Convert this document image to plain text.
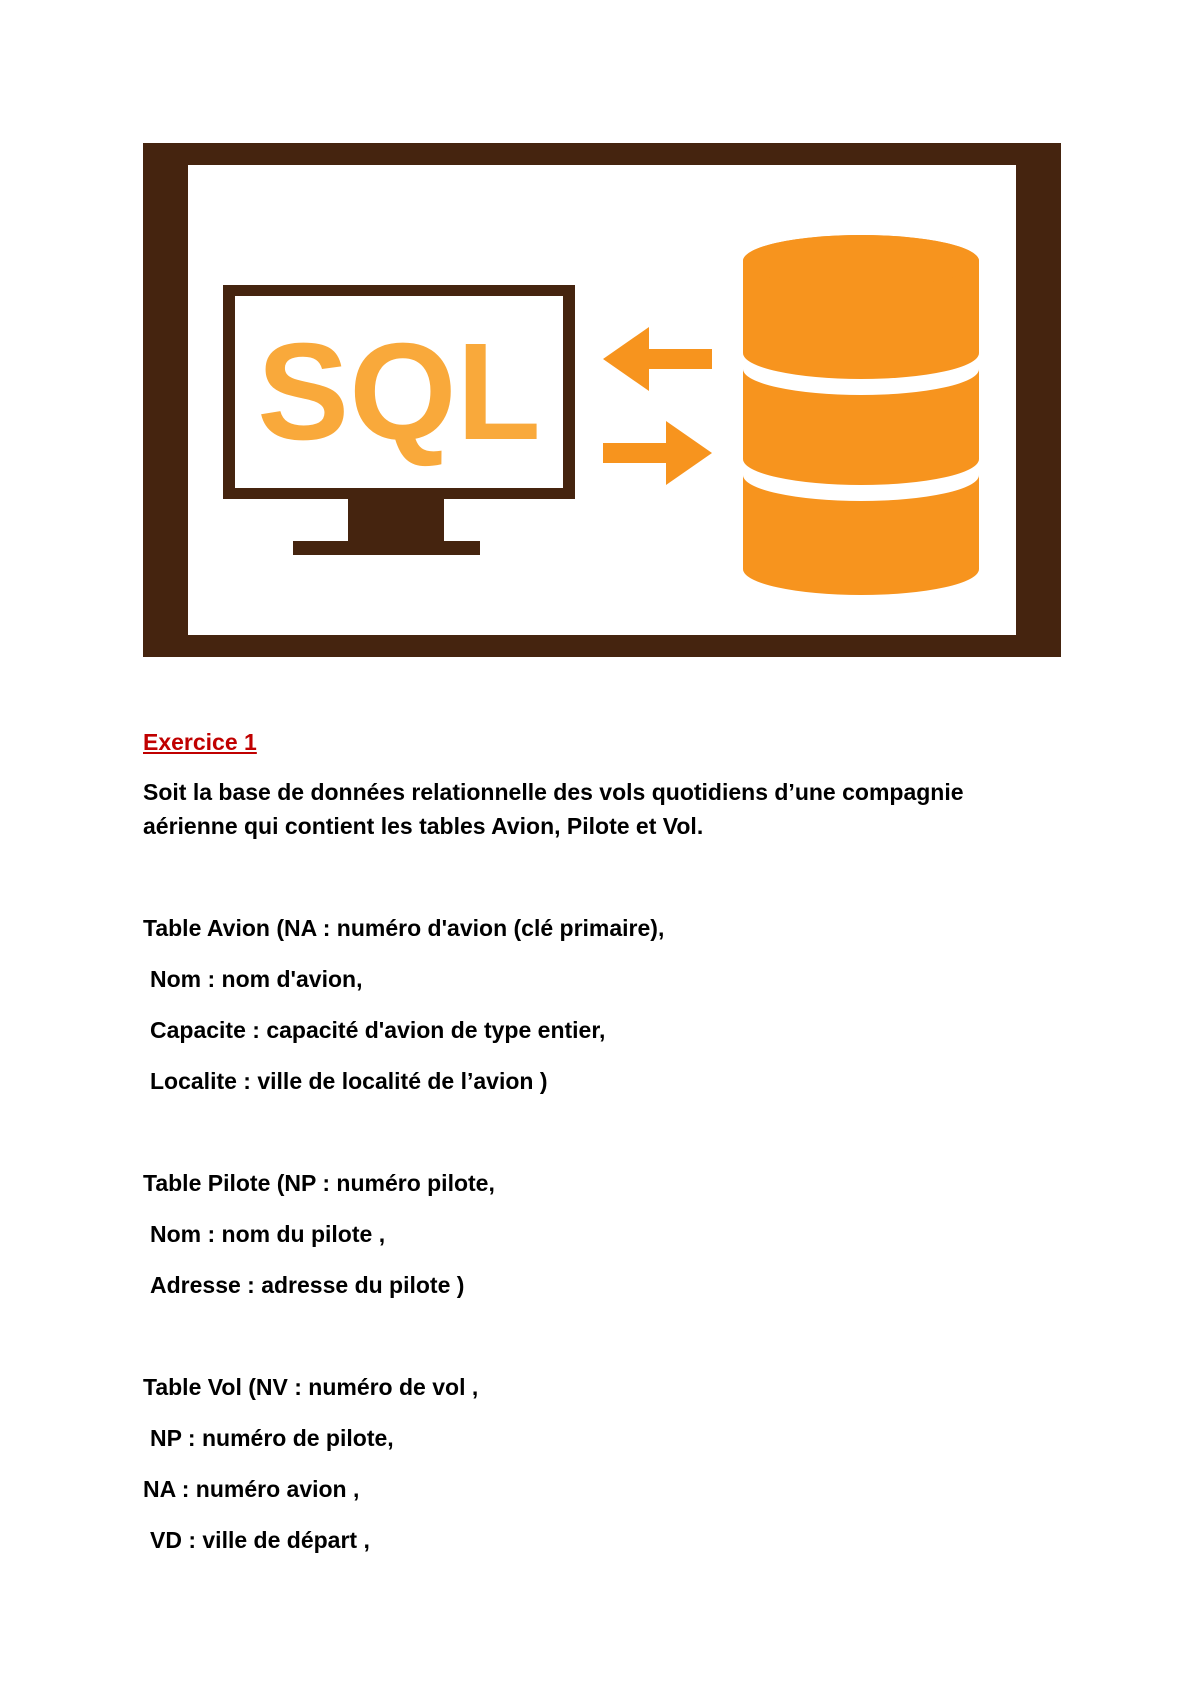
SQL
Exercice 1
Soit la base de données relationnelle des vols quotidiens d’une compagnie
aérienne qui contient les tables Avion, Pilote et Vol.
Table Avion (NA : numéro d'avion (clé primaire),
Nom : nom d'avion,
Capacite : capacité d'avion de type entier,
Localite : ville de localité de l’avion )
Table Pilote (NP : numéro pilote,
Nom : nom du pilote ,
Adresse : adresse du pilote )
Table Vol (NV : numéro de vol ,
NP : numéro de pilote,
NA : numéro avion ,
VD : ville de départ ,
